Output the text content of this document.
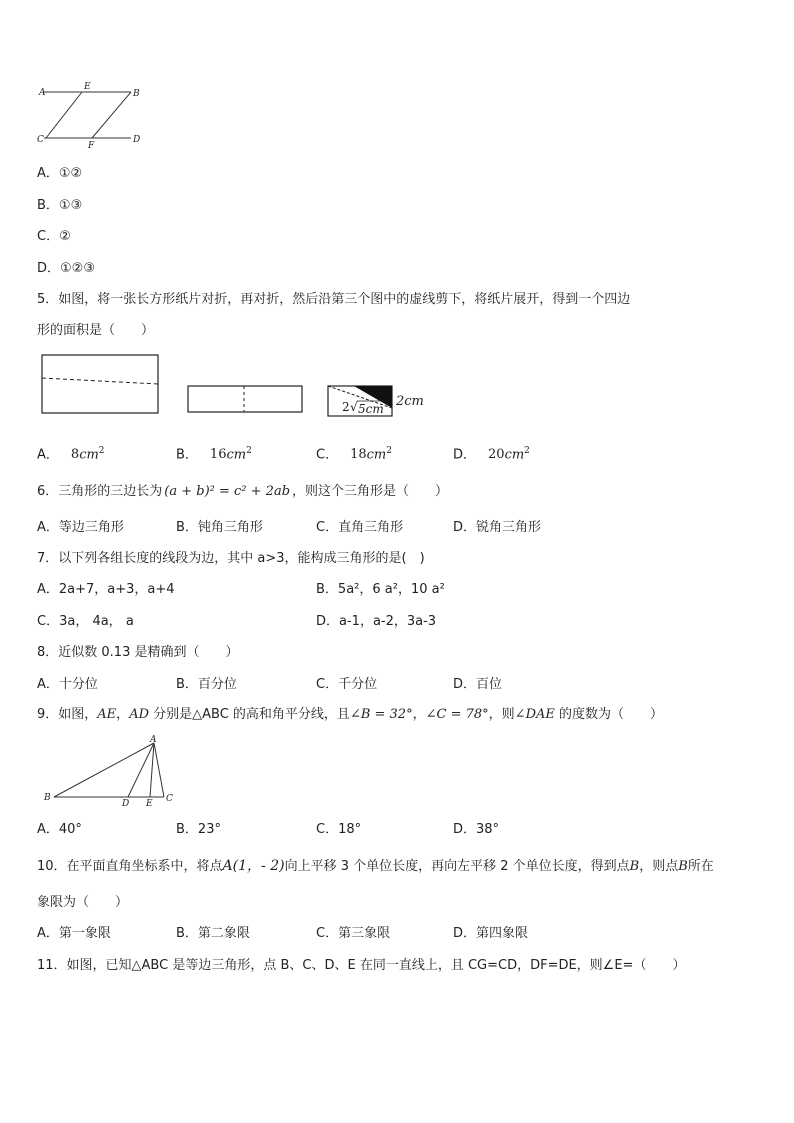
A
E
B
C
F
D
A．①②
B．①③
C．②
D．①②③
5．如图，将一张长方形纸片对折，再对折，然后沿第三个图中的虚线剪下，将纸片展开，得到一个四边
形的面积是（　　）
2cm
2 √ 5cm
A． $8cm^2$	B． $16cm^2$	C． $18cm^2$	D． $20cm^2$
6．三角形的三边长为 (a + b)² = c² + 2ab ，则这个三角形是（　　）
A．等边三角形	B．钝角三角形	C．直角三角形	D．锐角三角形
7．以下列各组长度的线段为边，其中 a>3，能构成三角形的是(　)
A．2a+7，a+3，a+4	B．5a²，6 a²，10 a²
C．3a， 4a， a	D．a-1，a-2，3a-3
8．近似数 0.13 是精确到（　　）
A．十分位	B．百分位	C．千分位	D．百位
9．如图，AE，AD 分别是△ABC 的高和角平分线，且∠B = 32°，∠C = 78°，则∠DAE 的度数为（　　）
A
B
D E C
A．40°	B．23°	C．18°	D．38°
10．在平面直角坐标系中，将点A(1，- 2)向上平移 3 个单位长度，再向左平移 2 个单位长度，得到点B，则点B所在
象限为（　　）
A．第一象限	B．第二象限	C．第三象限	D．第四象限
11．如图，已知△ABC 是等边三角形，点 B、C、D、E 在同一直线上，且 CG=CD，DF=DE，则∠E=（　　）
